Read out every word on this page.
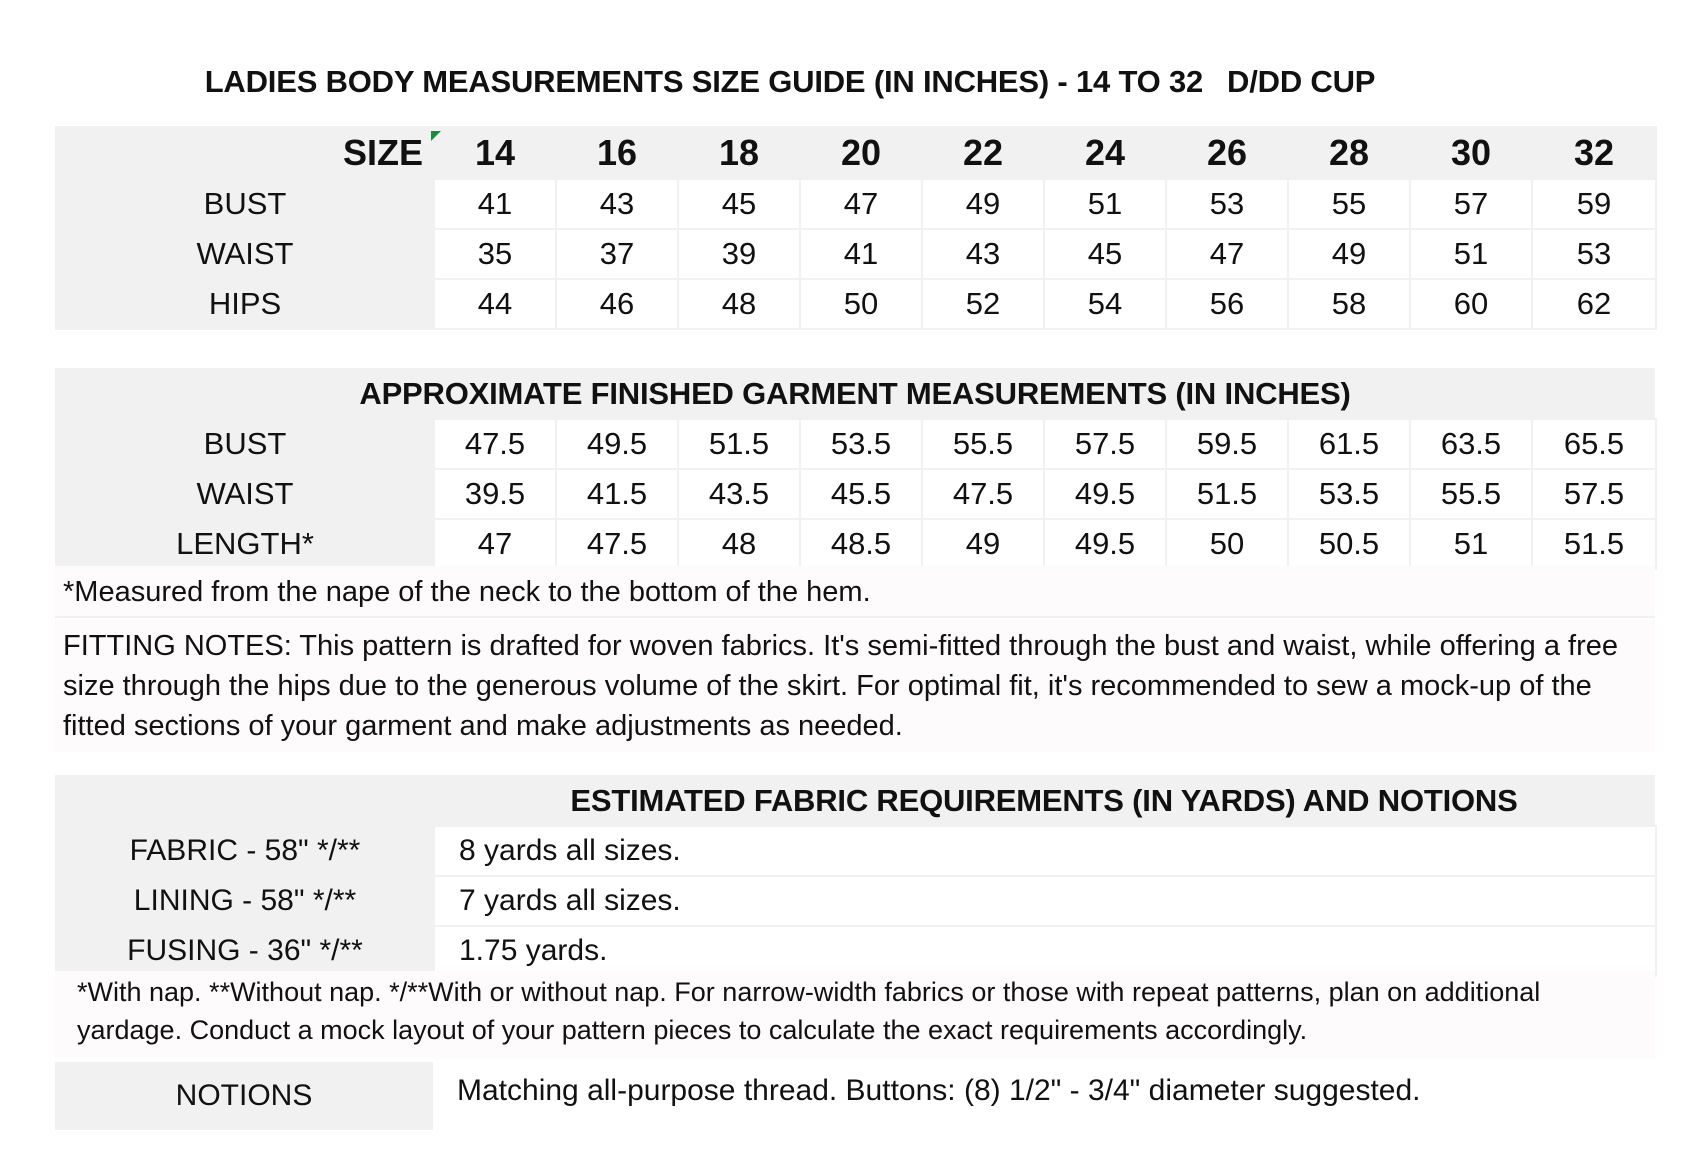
LADIES BODY MEASUREMENTS SIZE GUIDE (IN INCHES) - 14 TO 32 D/DD CUP
SIZE	14	16	18	20	22	24	26	28	30	32
BUST	41	43	45	47	49	51	53	55	57	59
WAIST	35	37	39	41	43	45	47	49	51	53
HIPS	44	46	48	50	52	54	56	58	60	62
APPROXIMATE FINISHED GARMENT MEASUREMENTS (IN INCHES)
BUST	47.5	49.5	51.5	53.5	55.5	57.5	59.5	61.5	63.5	65.5
WAIST	39.5	41.5	43.5	45.5	47.5	49.5	51.5	53.5	55.5	57.5
LENGTH*	47	47.5	48	48.5	49	49.5	50	50.5	51	51.5
*Measured from the nape of the neck to the bottom of the hem.
FITTING NOTES: This pattern is drafted for woven fabrics. It's semi-fitted through the bust and waist, while offering a free size through the hips due to the generous volume of the skirt. For optimal fit, it's recommended to sew a mock-up of the fitted sections of your garment and make adjustments as needed.
ESTIMATED FABRIC REQUIREMENTS (IN YARDS) AND NOTIONS
FABRIC - 58" */**	8 yards all sizes.
LINING - 58" */**	7 yards all sizes.
FUSING - 36" */**	1.75 yards.
*With nap. **Without nap. */**With or without nap. For narrow-width fabrics or those with repeat patterns, plan on additional yardage. Conduct a mock layout of your pattern pieces to calculate the exact requirements accordingly.
NOTIONS	Matching all-purpose thread. Buttons: (8) 1/2" - 3/4" diameter suggested.
